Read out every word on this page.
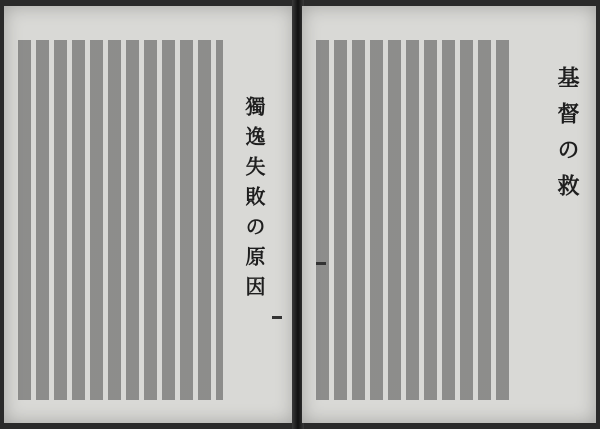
獨逸失敗の原因	基督の救
